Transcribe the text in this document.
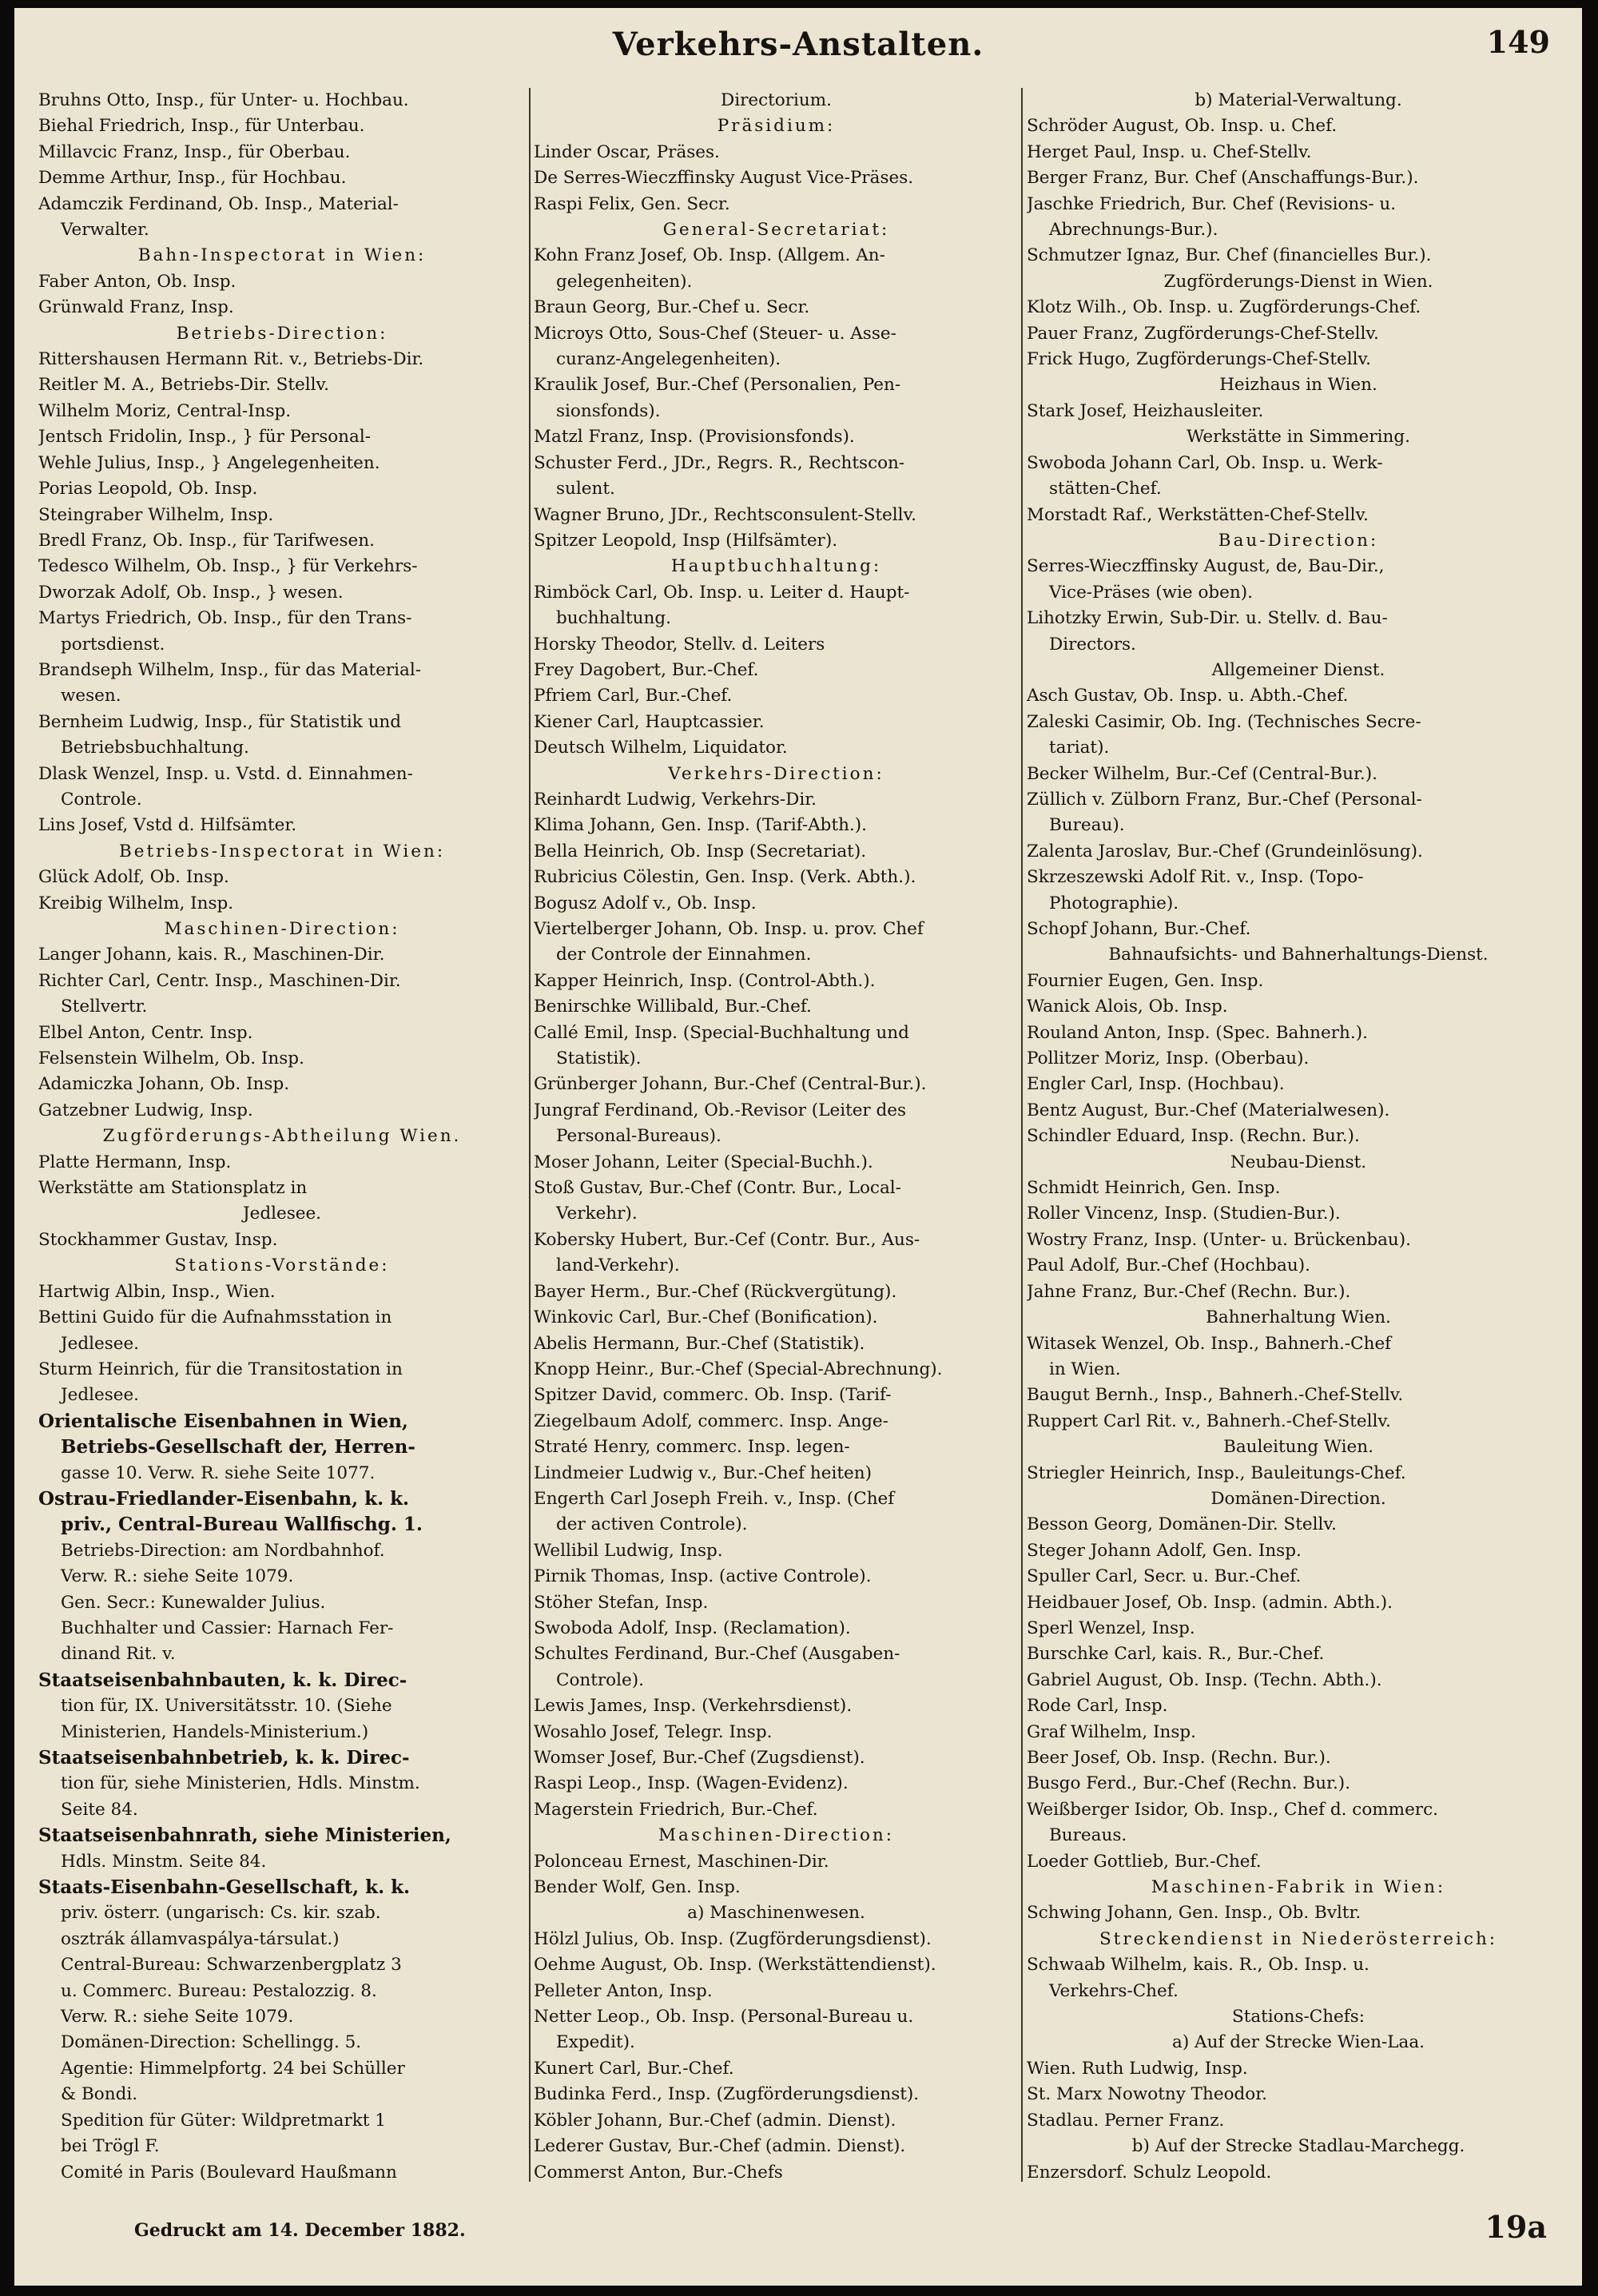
Verkehrs-Anstalten.	149
Bruhns Otto, Insp., für Unter- u. Hochbau.
Biehal Friedrich, Insp., für Unterbau.
Millavcic Franz, Insp., für Oberbau.
Demme Arthur, Insp., für Hochbau.
Adamczik Ferdinand, Ob. Insp., Material-
Verwalter.
Bahn-Inspectorat in Wien:
Faber Anton, Ob. Insp.
Grünwald Franz, Insp.
Betriebs-Direction:
Rittershausen Hermann Rit. v., Betriebs-Dir.
Reitler M. A., Betriebs-Dir. Stellv.
Wilhelm Moriz, Central-Insp.
Jentsch Fridolin, Insp., } für Personal-
Wehle Julius, Insp., } Angelegenheiten.
Porias Leopold, Ob. Insp.
Steingraber Wilhelm, Insp.
Bredl Franz, Ob. Insp., für Tarifwesen.
Tedesco Wilhelm, Ob. Insp., } für Verkehrs-
Dworzak Adolf, Ob. Insp., } wesen.
Martys Friedrich, Ob. Insp., für den Trans-
portsdienst.
Brandseph Wilhelm, Insp., für das Material-
wesen.
Bernheim Ludwig, Insp., für Statistik und
Betriebsbuchhaltung.
Dlask Wenzel, Insp. u. Vstd. d. Einnahmen-
Controle.
Lins Josef, Vstd d. Hilfsämter.
Betriebs-Inspectorat in Wien:
Glück Adolf, Ob. Insp.
Kreibig Wilhelm, Insp.
Maschinen-Direction:
Langer Johann, kais. R., Maschinen-Dir.
Richter Carl, Centr. Insp., Maschinen-Dir.
Stellvertr.
Elbel Anton, Centr. Insp.
Felsenstein Wilhelm, Ob. Insp.
Adamiczka Johann, Ob. Insp.
Gatzebner Ludwig, Insp.
Zugförderungs-Abtheilung Wien.
Platte Hermann, Insp.
Werkstätte am Stationsplatz in
Jedlesee.
Stockhammer Gustav, Insp.
Stations-Vorstände:
Hartwig Albin, Insp., Wien.
Bettini Guido für die Aufnahmsstation in
Jedlesee.
Sturm Heinrich, für die Transitostation in
Jedlesee.
Orientalische Eisenbahnen in Wien,
Betriebs-Gesellschaft der, Herren-
gasse 10. Verw. R. siehe Seite 1077.
Ostrau-Friedlander-Eisenbahn, k. k.
priv., Central-Bureau Wallfischg. 1.
Betriebs-Direction: am Nordbahnhof.
Verw. R.: siehe Seite 1079.
Gen. Secr.: Kunewalder Julius.
Buchhalter und Cassier: Harnach Fer-
dinand Rit. v.
Staatseisenbahnbauten, k. k. Direc-
tion für, IX. Universitätsstr. 10. (Siehe
Ministerien, Handels-Ministerium.)
Staatseisenbahnbetrieb, k. k. Direc-
tion für, siehe Ministerien, Hdls. Minstm.
Seite 84.
Staatseisenbahnrath, siehe Ministerien,
Hdls. Minstm. Seite 84.
Staats-Eisenbahn-Gesellschaft, k. k.
priv. österr. (ungarisch: Cs. kir. szab.
osztrák államvaspálya-társulat.)
Central-Bureau: Schwarzenbergplatz 3
u. Commerc. Bureau: Pestalozzig. 8.
Verw. R.: siehe Seite 1079.
Domänen-Direction: Schellingg. 5.
Agentie: Himmelpfortg. 24 bei Schüller
& Bondi.
Spedition für Güter: Wildpretmarkt 1
bei Trögl F.
Comité in Paris (Boulevard Haußmann
Directorium.
Präsidium:
Linder Oscar, Präses.
De Serres-Wieczffinsky August Vice-Präses.
Raspi Felix, Gen. Secr.
General-Secretariat:
Kohn Franz Josef, Ob. Insp. (Allgem. An-
gelegenheiten).
Braun Georg, Bur.-Chef u. Secr.
Microys Otto, Sous-Chef (Steuer- u. Asse-
curanz-Angelegenheiten).
Kraulik Josef, Bur.-Chef (Personalien, Pen-
sionsfonds).
Matzl Franz, Insp. (Provisionsfonds).
Schuster Ferd., JDr., Regrs. R., Rechtscon-
sulent.
Wagner Bruno, JDr., Rechtsconsulent-Stellv.
Spitzer Leopold, Insp (Hilfsämter).
Hauptbuchhaltung:
Rimböck Carl, Ob. Insp. u. Leiter d. Haupt-
buchhaltung.
Horsky Theodor, Stellv. d. Leiters
Frey Dagobert, Bur.-Chef.
Pfriem Carl, Bur.-Chef.
Kiener Carl, Hauptcassier.
Deutsch Wilhelm, Liquidator.
Verkehrs-Direction:
Reinhardt Ludwig, Verkehrs-Dir.
Klima Johann, Gen. Insp. (Tarif-Abth.).
Bella Heinrich, Ob. Insp (Secretariat).
Rubricius Cölestin, Gen. Insp. (Verk. Abth.).
Bogusz Adolf v., Ob. Insp.
Viertelberger Johann, Ob. Insp. u. prov. Chef
der Controle der Einnahmen.
Kapper Heinrich, Insp. (Control-Abth.).
Benirschke Willibald, Bur.-Chef.
Callé Emil, Insp. (Special-Buchhaltung und
Statistik).
Grünberger Johann, Bur.-Chef (Central-Bur.).
Jungraf Ferdinand, Ob.-Revisor (Leiter des
Personal-Bureaus).
Moser Johann, Leiter (Special-Buchh.).
Stoß Gustav, Bur.-Chef (Contr. Bur., Local-
Verkehr).
Kobersky Hubert, Bur.-Cef (Contr. Bur., Aus-
land-Verkehr).
Bayer Herm., Bur.-Chef (Rückvergütung).
Winkovic Carl, Bur.-Chef (Bonification).
Abelis Hermann, Bur.-Chef (Statistik).
Knopp Heinr., Bur.-Chef (Special-Abrechnung).
Spitzer David, commerc. Ob. Insp. (Tarif-
Ziegelbaum Adolf, commerc. Insp. Ange-
Straté Henry, commerc. Insp. legen-
Lindmeier Ludwig v., Bur.-Chef heiten)
Engerth Carl Joseph Freih. v., Insp. (Chef
der activen Controle).
Wellibil Ludwig, Insp.
Pirnik Thomas, Insp. (active Controle).
Stöher Stefan, Insp.
Swoboda Adolf, Insp. (Reclamation).
Schultes Ferdinand, Bur.-Chef (Ausgaben-
Controle).
Lewis James, Insp. (Verkehrsdienst).
Wosahlo Josef, Telegr. Insp.
Womser Josef, Bur.-Chef (Zugsdienst).
Raspi Leop., Insp. (Wagen-Evidenz).
Magerstein Friedrich, Bur.-Chef.
Maschinen-Direction:
Polonceau Ernest, Maschinen-Dir.
Bender Wolf, Gen. Insp.
a) Maschinenwesen.
Hölzl Julius, Ob. Insp. (Zugförderungsdienst).
Oehme August, Ob. Insp. (Werkstättendienst).
Pelleter Anton, Insp.
Netter Leop., Ob. Insp. (Personal-Bureau u.
Expedit).
Kunert Carl, Bur.-Chef.
Budinka Ferd., Insp. (Zugförderungsdienst).
Köbler Johann, Bur.-Chef (admin. Dienst).
Lederer Gustav, Bur.-Chef (admin. Dienst).
Commerst Anton, Bur.-Chefs
b) Material-Verwaltung.
Schröder August, Ob. Insp. u. Chef.
Herget Paul, Insp. u. Chef-Stellv.
Berger Franz, Bur. Chef (Anschaffungs-Bur.).
Jaschke Friedrich, Bur. Chef (Revisions- u.
Abrechnungs-Bur.).
Schmutzer Ignaz, Bur. Chef (financielles Bur.).
Zugförderungs-Dienst in Wien.
Klotz Wilh., Ob. Insp. u. Zugförderungs-Chef.
Pauer Franz, Zugförderungs-Chef-Stellv.
Frick Hugo, Zugförderungs-Chef-Stellv.
Heizhaus in Wien.
Stark Josef, Heizhausleiter.
Werkstätte in Simmering.
Swoboda Johann Carl, Ob. Insp. u. Werk-
stätten-Chef.
Morstadt Raf., Werkstätten-Chef-Stellv.
Bau-Direction:
Serres-Wieczffinsky August, de, Bau-Dir.,
Vice-Präses (wie oben).
Lihotzky Erwin, Sub-Dir. u. Stellv. d. Bau-
Directors.
Allgemeiner Dienst.
Asch Gustav, Ob. Insp. u. Abth.-Chef.
Zaleski Casimir, Ob. Ing. (Technisches Secre-
tariat).
Becker Wilhelm, Bur.-Cef (Central-Bur.).
Züllich v. Zülborn Franz, Bur.-Chef (Personal-
Bureau).
Zalenta Jaroslav, Bur.-Chef (Grundeinlösung).
Skrzeszewski Adolf Rit. v., Insp. (Topo-
Photographie).
Schopf Johann, Bur.-Chef.
Bahnaufsichts- und Bahnerhaltungs-Dienst.
Fournier Eugen, Gen. Insp.
Wanick Alois, Ob. Insp.
Rouland Anton, Insp. (Spec. Bahnerh.).
Pollitzer Moriz, Insp. (Oberbau).
Engler Carl, Insp. (Hochbau).
Bentz August, Bur.-Chef (Materialwesen).
Schindler Eduard, Insp. (Rechn. Bur.).
Neubau-Dienst.
Schmidt Heinrich, Gen. Insp.
Roller Vincenz, Insp. (Studien-Bur.).
Wostry Franz, Insp. (Unter- u. Brückenbau).
Paul Adolf, Bur.-Chef (Hochbau).
Jahne Franz, Bur.-Chef (Rechn. Bur.).
Bahnerhaltung Wien.
Witasek Wenzel, Ob. Insp., Bahnerh.-Chef
in Wien.
Baugut Bernh., Insp., Bahnerh.-Chef-Stellv.
Ruppert Carl Rit. v., Bahnerh.-Chef-Stellv.
Bauleitung Wien.
Striegler Heinrich, Insp., Bauleitungs-Chef.
Domänen-Direction.
Besson Georg, Domänen-Dir. Stellv.
Steger Johann Adolf, Gen. Insp.
Spuller Carl, Secr. u. Bur.-Chef.
Heidbauer Josef, Ob. Insp. (admin. Abth.).
Sperl Wenzel, Insp.
Burschke Carl, kais. R., Bur.-Chef.
Gabriel August, Ob. Insp. (Techn. Abth.).
Rode Carl, Insp.
Graf Wilhelm, Insp.
Beer Josef, Ob. Insp. (Rechn. Bur.).
Busgo Ferd., Bur.-Chef (Rechn. Bur.).
Weißberger Isidor, Ob. Insp., Chef d. commerc.
Bureaus.
Loeder Gottlieb, Bur.-Chef.
Maschinen-Fabrik in Wien:
Schwing Johann, Gen. Insp., Ob. Bvltr.
Streckendienst in Niederösterreich:
Schwaab Wilhelm, kais. R., Ob. Insp. u.
Verkehrs-Chef.
Stations-Chefs:
a) Auf der Strecke Wien-Laa.
Wien. Ruth Ludwig, Insp.
St. Marx Nowotny Theodor.
Stadlau. Perner Franz.
b) Auf der Strecke Stadlau-Marchegg.
Enzersdorf. Schulz Leopold.
Gedruckt am 14. December 1882.	19a
